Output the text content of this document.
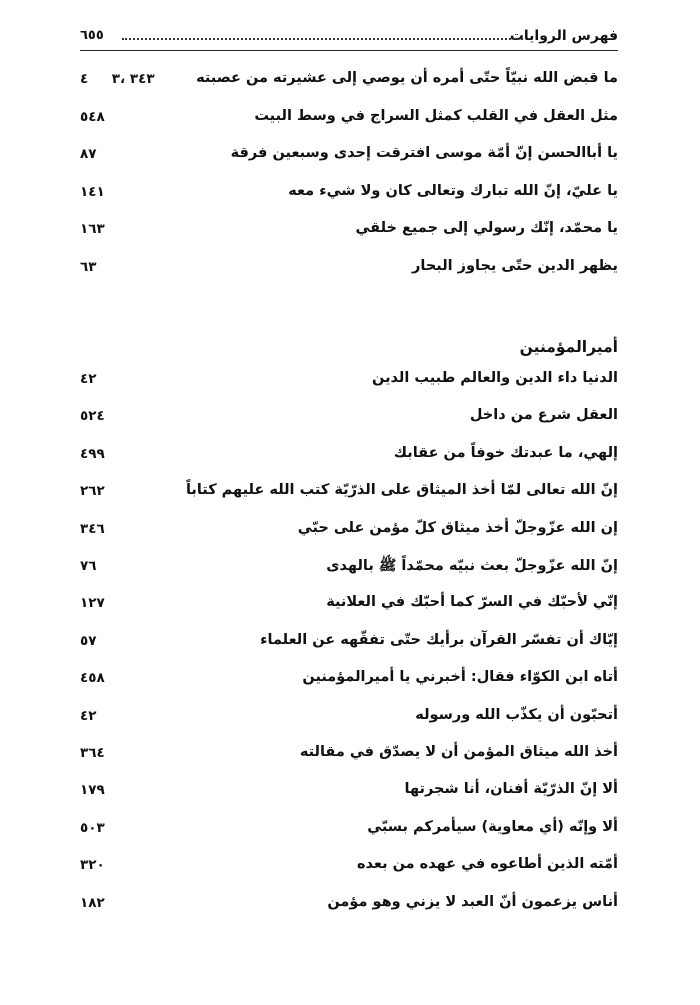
فهرس الروايات
٦٥٥
ما قبض الله نبيّاً حتّى أمره أن يوصي إلى عشيرته من عصبته
٣٤٣ ،٣     ٤
مثل العقل في القلب كمثل السراج في وسط البيت
٥٤٨
يا أباالحسن إنّ أمّة موسى افترقت إحدى وسبعين فرقة
٨٧
يا عليّ، إنّ الله تبارك وتعالى كان ولا شيء معه
١٤١
يا محمّد، إنّك رسولي إلى جميع خلقي
١٦٣
يظهر الدين حتّى يجاوز البحار
٦٣
أميرالمؤمنين
الدنيا داء الدين والعالم طبيب الدين
٤٢
العقل شرع من داخل
٥٢٤
إلهي، ما عبدتك خوفاً من عقابك
٤٩٩
إنّ الله تعالى لمّا أخذ الميثاق على الذرّيّة كتب الله عليهم كتاباً
٢٦٢
إن الله عزّوجلّ أخذ ميثاق كلّ مؤمن على حبّي
٣٤٦
إنّ الله عزّوجلّ بعث نبيّه محمّداً ﷺ بالهدى
٧٦
إنّي لأحبّك في السرّ كما أحبّك في العلانية
١٢٧
إيّاك أن تفسّر القرآن برأيك حتّى تفقّهه عن العلماء
٥٧
أتاه ابن الكوّاء فقال: أخبرني يا أميرالمؤمنين
٤٥٨
أتحبّون أن يكذّب الله ورسوله
٤٢
أخذ الله ميثاق المؤمن أن لا يصدّق في مقالته
٣٦٤
ألا إنّ الذرّيّة أفنان، أنا شجرتها
١٧٩
ألا وإنّه (أي معاوية) سيأمركم بسبّي
٥٠٣
أمّته الذين أطاعوه في عهده من بعده
٣٢٠
أناس يزعمون أنّ العبد لا يزني وهو مؤمن
١٨٢
